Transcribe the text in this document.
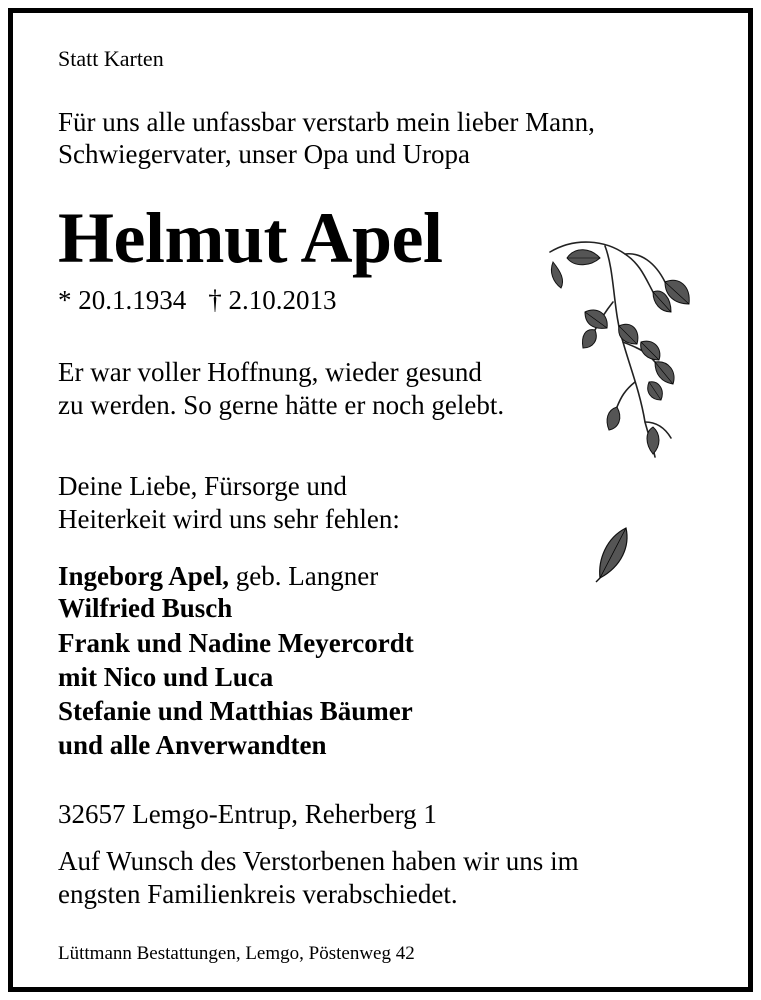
Statt Karten

Für uns alle unfassbar verstarb mein lieber Mann,

Schwiegervater, unser Opa und Uropa

Helmut Apel

* 20.1.1934 † 2.10.2013

Er war voller Hoffnung, wieder gesund

zu werden. So gerne hätte er noch gelebt.

Deine Liebe, Fürsorge und

Heiterkeit wird uns sehr fehlen:

Ingeborg Apel, geb. Langner

Wilfried Busch

Frank und Nadine Meyercordt

mit Nico und Luca

Stefanie und Matthias Bäumer

und alle Anverwandten

32657 Lemgo-Entrup, Reherberg 1

Auf Wunsch des Verstorbenen haben wir uns im

engsten Familienkreis verabschiedet.

Lüttmann Bestattungen, Lemgo, Pöstenweg 42
